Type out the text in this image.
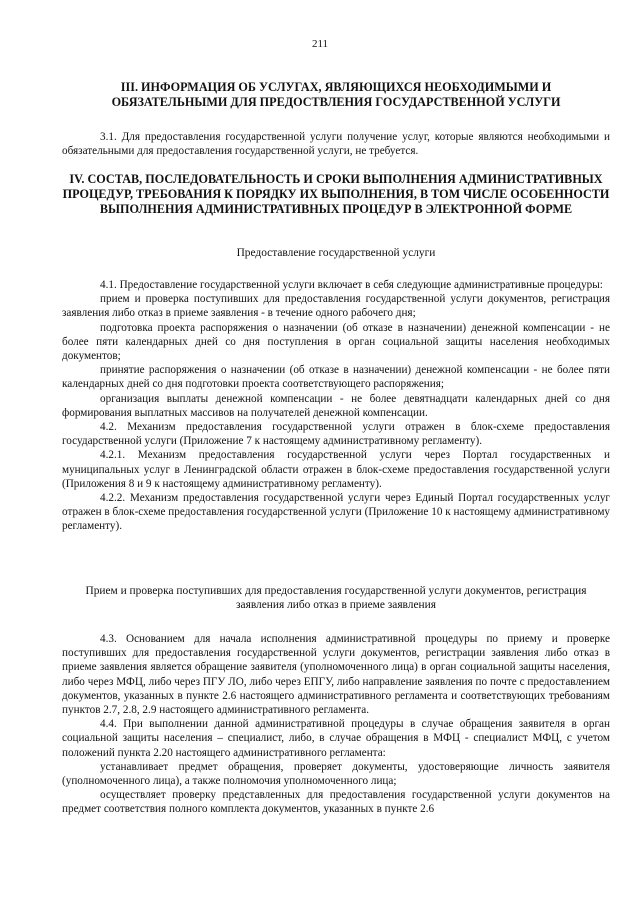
211
III. ИНФОРМАЦИЯ ОБ УСЛУГАХ, ЯВЛЯЮЩИХСЯ НЕОБХОДИМЫМИ И ОБЯЗАТЕЛЬНЫМИ ДЛЯ ПРЕДОСТВЛЕНИЯ ГОСУДАРСТВЕННОЙ УСЛУГИ

3.1. Для предоставления государственной услуги получение услуг, которые являются необходимыми и обязательными для предоставления государственной услуги, не требуется.

IV. СОСТАВ, ПОСЛЕДОВАТЕЛЬНОСТЬ И СРОКИ ВЫПОЛНЕНИЯ АДМИНИСТРАТИВНЫХ ПРОЦЕДУР, ТРЕБОВАНИЯ К ПОРЯДКУ ИХ ВЫПОЛНЕНИЯ, В ТОМ ЧИСЛЕ ОСОБЕННОСТИ ВЫПОЛНЕНИЯ АДМИНИСТРАТИВНЫХ ПРОЦЕДУР В ЭЛЕКТРОННОЙ ФОРМЕ

Предоставление государственной услуги

4.1. Предоставление государственной услуги включает в себя следующие административные процедуры:

прием и проверка поступивших для предоставления государственной услуги документов, регистрация заявления либо отказ в приеме заявления - в течение одного рабочего дня;

подготовка проекта распоряжения о назначении (об отказе в назначении) денежной компенсации - не более пяти календарных дней со дня поступления в орган социальной защиты населения необходимых документов;

принятие распоряжения о назначении (об отказе в назначении) денежной компенсации - не более пяти календарных дней со дня подготовки проекта соответствующего распоряжения;

организация выплаты денежной компенсации - не более девятнадцати календарных дней со дня формирования выплатных массивов на получателей денежной компенсации.

4.2. Механизм предоставления государственной услуги отражен в блок-схеме предоставления государственной услуги (Приложение 7 к настоящему административному регламенту).

4.2.1. Механизм предоставления государственной услуги через Портал государственных и муниципальных услуг в Ленинградской области отражен в блок-схеме предоставления государственной услуги (Приложения 8 и 9 к настоящему административному регламенту).

4.2.2. Механизм предоставления государственной услуги через Единый Портал государственных услуг отражен в блок-схеме предоставления государственной услуги (Приложение 10 к настоящему административному регламенту).

Прием и проверка поступивших для предоставления государственной услуги документов, регистрация заявления либо отказ в приеме заявления

4.3. Основанием для начала исполнения административной процедуры по приему и проверке поступивших для предоставления государственной услуги документов, регистрации заявления либо отказ в приеме заявления является обращение заявителя (уполномоченного лица) в орган социальной защиты населения, либо через МФЦ, либо через ПГУ ЛО, либо через ЕПГУ, либо направление заявления по почте с предоставлением документов, указанных в пункте 2.6 настоящего административного регламента и соответствующих требованиям пунктов 2.7, 2.8, 2.9 настоящего административного регламента.

4.4. При выполнении данной административной процедуры в случае обращения заявителя в орган социальной защиты населения – специалист, либо, в случае обращения в МФЦ - специалист МФЦ, с учетом положений пункта 2.20 настоящего административного регламента:

устанавливает предмет обращения, проверяет документы, удостоверяющие личность заявителя (уполномоченного лица), а также полномочия уполномоченного лица;

осуществляет проверку представленных для предоставления государственной услуги документов на предмет соответствия полного комплекта документов, указанных в пункте 2.6
